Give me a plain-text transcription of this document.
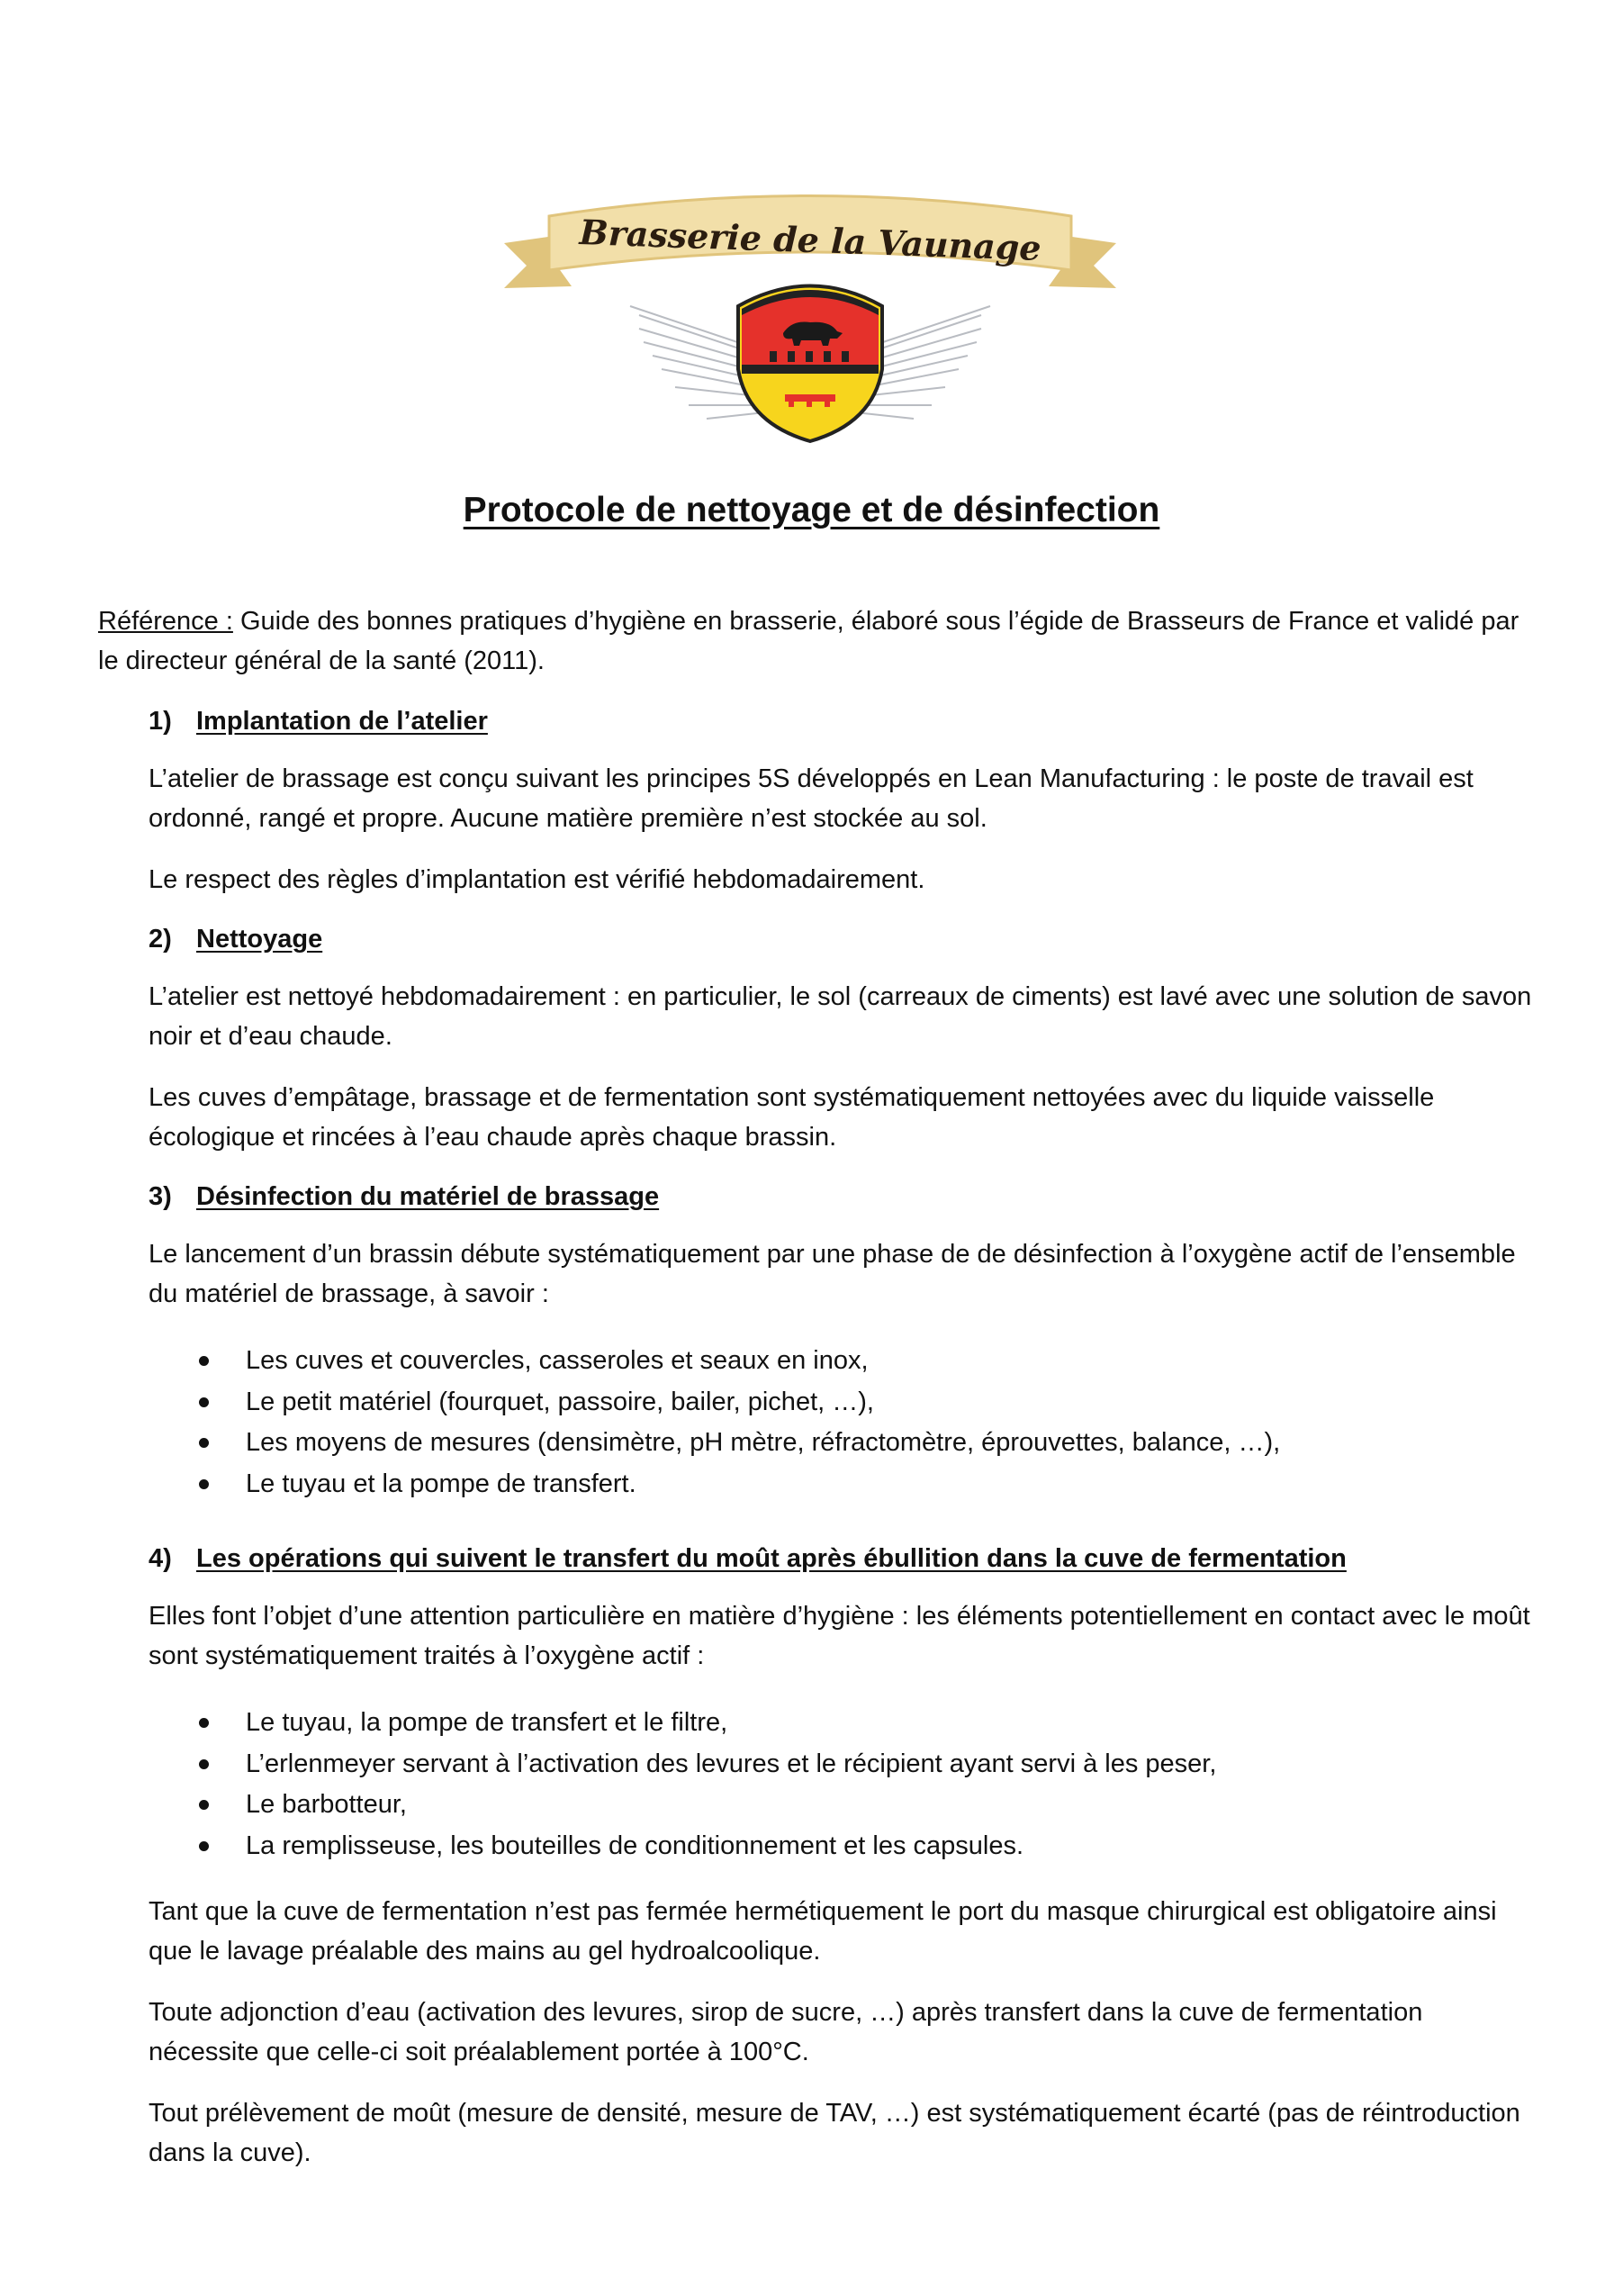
Brasserie de la Vaunage
Protocole de nettoyage et de désinfection
Référence : Guide des bonnes pratiques d’hygiène en brasserie, élaboré sous l’égide de Brasseurs de France et validé par le directeur général de la santé (2011).
1) Implantation de l’atelier

L’atelier de brassage est conçu suivant les principes 5S développés en Lean Manufacturing : le poste de travail est ordonné, rangé et propre. Aucune matière première n’est stockée au sol.

Le respect des règles d’implantation est vérifié hebdomadairement.

2) Nettoyage

L’atelier est nettoyé hebdomadairement : en particulier, le sol (carreaux de ciments) est lavé avec une solution de savon noir et d’eau chaude.

Les cuves d’empâtage, brassage et de fermentation sont systématiquement nettoyées avec du liquide vaisselle écologique et rincées à l’eau chaude après chaque brassin.

3) Désinfection du matériel de brassage

Le lancement d’un brassin débute systématiquement par une phase de de désinfection à l’oxygène actif de l’ensemble du matériel de brassage, à savoir :

Les cuves et couvercles, casseroles et seaux en inox,
Le petit matériel (fourquet, passoire, bailer, pichet, …),
Les moyens de mesures (densimètre, pH mètre, réfractomètre, éprouvettes, balance, …),
Le tuyau et la pompe de transfert.
4) Les opérations qui suivent le transfert du moût après ébullition dans la cuve de fermentation

Elles font l’objet d’une attention particulière en matière d’hygiène : les éléments potentiellement en contact avec le moût sont systématiquement traités à l’oxygène actif :

Le tuyau, la pompe de transfert et le filtre,
L’erlenmeyer servant à l’activation des levures et le récipient ayant servi à les peser,
Le barbotteur,
La remplisseuse, les bouteilles de conditionnement et les capsules.

Tant que la cuve de fermentation n’est pas fermée hermétiquement le port du masque chirurgical est obligatoire ainsi que le lavage préalable des mains au gel hydroalcoolique.

Toute adjonction d’eau (activation des levures, sirop de sucre, …) après transfert dans la cuve de fermentation nécessite que celle-ci soit préalablement portée à 100°C.

Tout prélèvement de moût (mesure de densité, mesure de TAV, …) est systématiquement écarté (pas de réintroduction dans la cuve).
